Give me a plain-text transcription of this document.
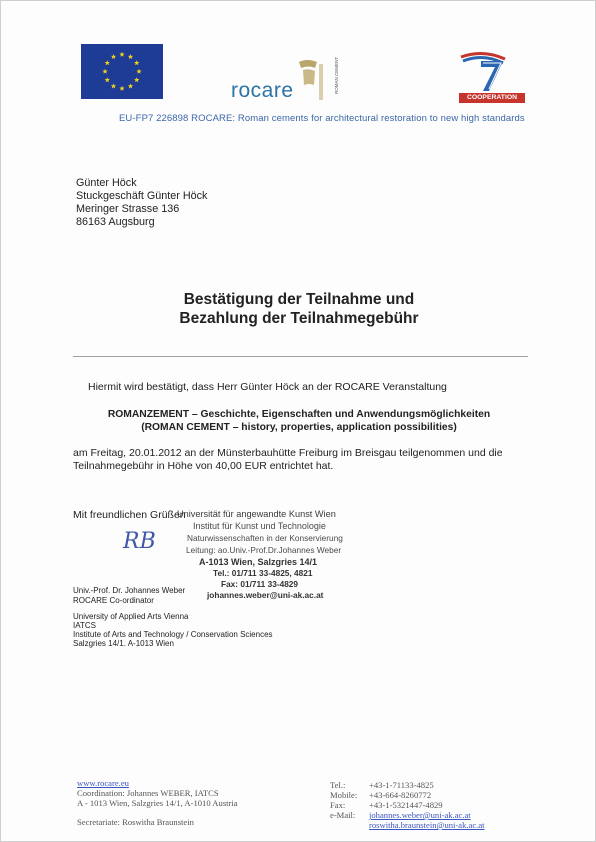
rocare	ROMAN CEMENT
COOPERATION
EU-FP7 226898 ROCARE: Roman cements for architectural restoration to new high standards
Günter Höck
Stuckgeschäft Günter Höck
Meringer Strasse 136
86163 Augsburg
Bestätigung der Teilnahme und
Bezahlung der Teilnahmegebühr
Hiermit wird bestätigt, dass Herr Günter Höck an der ROCARE Veranstaltung
ROMANZEMENT – Geschichte, Eigenschaften und Anwendungsmöglichkeiten
(ROMAN CEMENT – history, properties, application possibilities)
am Freitag, 20.01.2012 an der Münsterbauhütte Freiburg im Breisgau teilgenommen und die
Teilnahmegebühr in Höhe von 40,00 EUR entrichtet hat.
Mit freundlichen Grüßen
RB
Universität für angewandte Kunst Wien
Institut für Kunst und Technologie
Naturwissenschaften in der Konservierung
Leitung: ao.Univ.-Prof.Dr.Johannes Weber
A-1013 Wien, Salzgries 14/1
Tel.: 01/711 33-4825, 4821
Fax: 01/711 33-4829
johannes.weber@uni-ak.ac.at
Univ.-Prof. Dr. Johannes Weber
ROCARE Co-ordinator
University of Applied Arts Vienna
IATCS
Institute of Arts and Technology / Conservation Sciences
Salzgries 14/1. A-1013 Wien
www.rocare.eu
Coordination: Johannes WEBER, IATCS
A - 1013 Wien, Salzgries 14/1, A-1010 Austria
Secretariate: Roswitha Braunstein
Tel.:	+43-1-71133-4825
Mobile: +43-664-8260772
Fax:	+43-1-5321447-4829
e-Mail: johannes.weber@uni-ak.ac.at
roswitha.braunstein@uni-ak.ac.at
